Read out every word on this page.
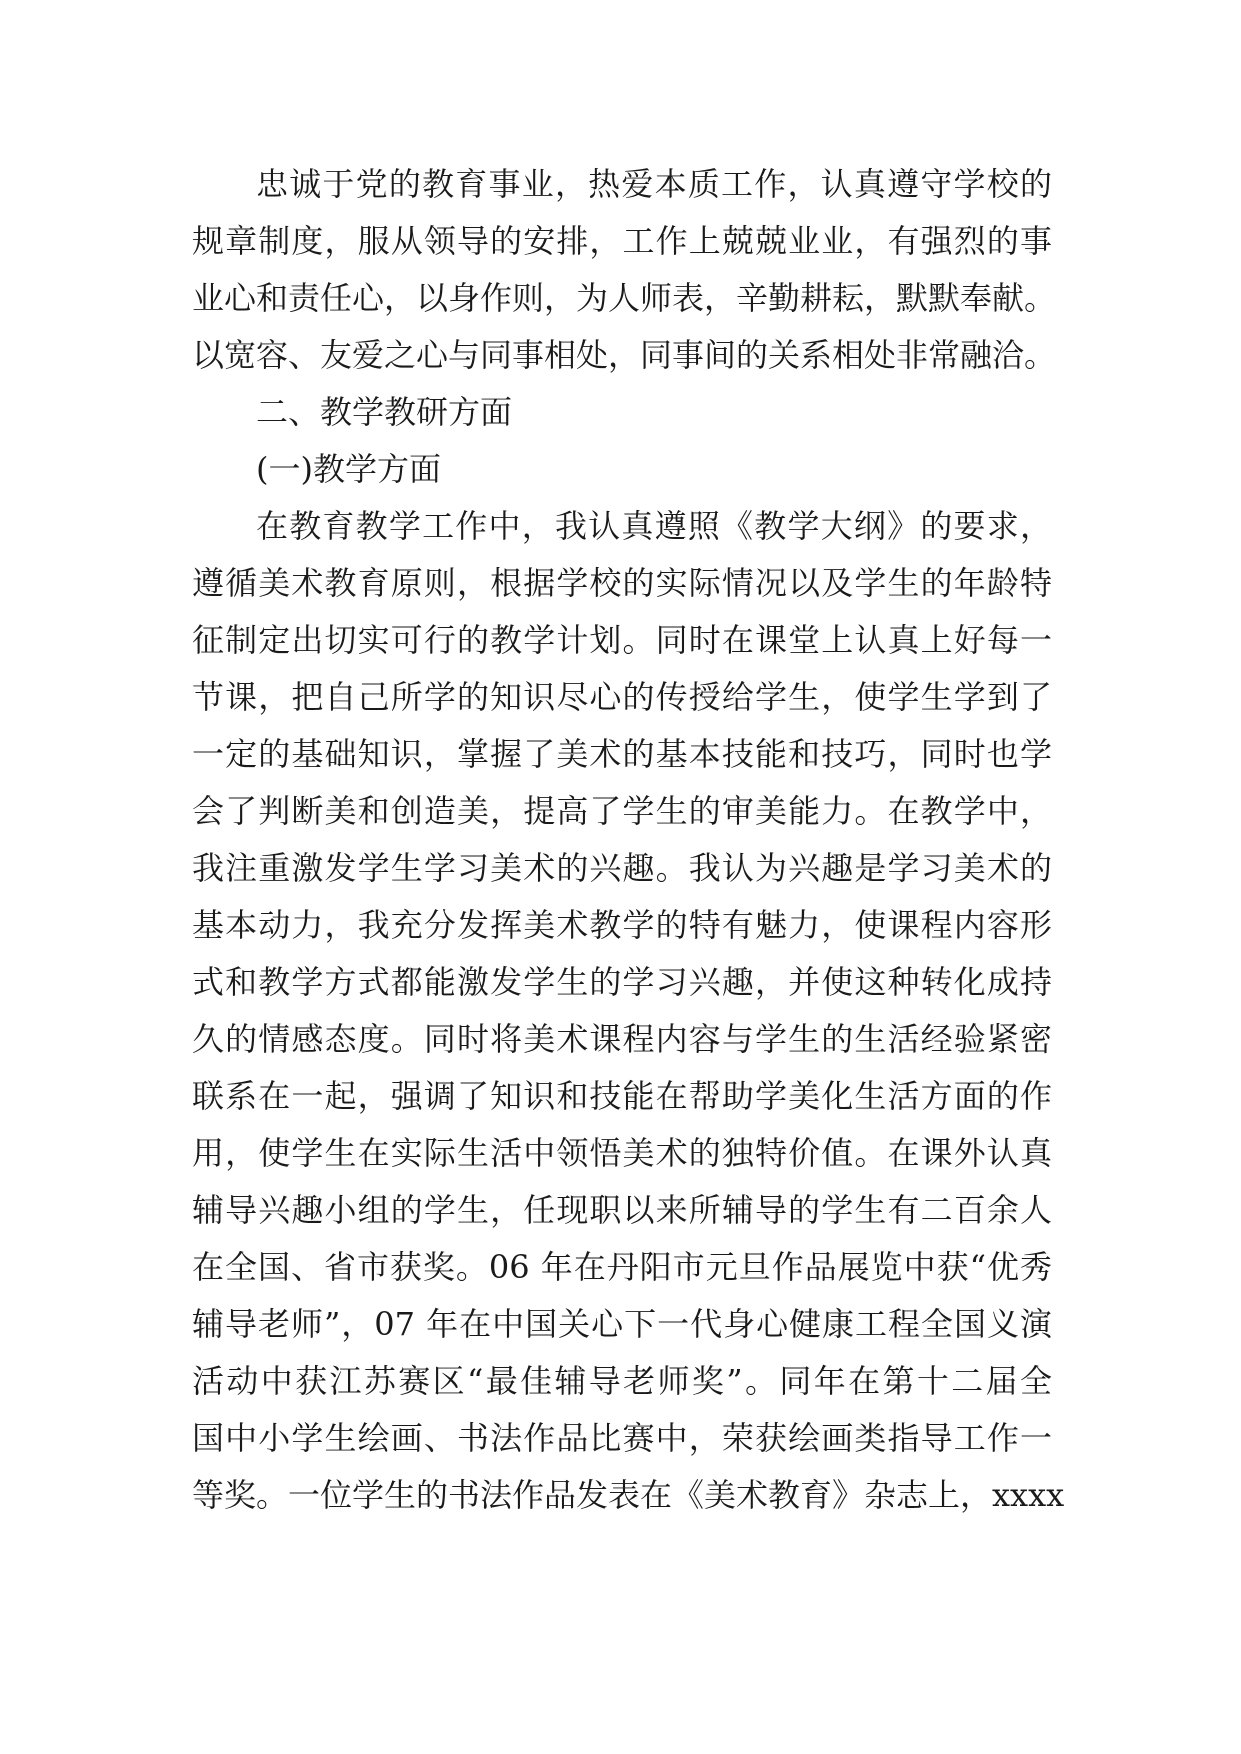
忠诚于党的教育事业，热爱本质工作，认真遵守学校的
规章制度，服从领导的安排，工作上兢兢业业，有强烈的事
业心和责任心，以身作则，为人师表，辛勤耕耘，默默奉献。
以宽容、友爱之心与同事相处，同事间的关系相处非常融洽。
二、教学教研方面
(一)教学方面
在教育教学工作中，我认真遵照《教学大纲》的要求，
遵循美术教育原则，根据学校的实际情况以及学生的年龄特
征制定出切实可行的教学计划。同时在课堂上认真上好每一
节课，把自己所学的知识尽心的传授给学生，使学生学到了
一定的基础知识，掌握了美术的基本技能和技巧，同时也学
会了判断美和创造美，提高了学生的审美能力。在教学中，
我注重激发学生学习美术的兴趣。我认为兴趣是学习美术的
基本动力，我充分发挥美术教学的特有魅力，使课程内容形
式和教学方式都能激发学生的学习兴趣，并使这种转化成持
久的情感态度。同时将美术课程内容与学生的生活经验紧密
联系在一起，强调了知识和技能在帮助学美化生活方面的作
用，使学生在实际生活中领悟美术的独特价值。在课外认真
辅导兴趣小组的学生，任现职以来所辅导的学生有二百余人
在全国、省市获奖。06 年在丹阳市元旦作品展览中获“优秀
辅导老师”，07 年在中国关心下一代身心健康工程全国义演
活动中获江苏赛区“最佳辅导老师奖”。同年在第十二届全
国中小学生绘画、书法作品比赛中，荣获绘画类指导工作一
等奖。一位学生的书法作品发表在《美术教育》杂志上，xxxx
